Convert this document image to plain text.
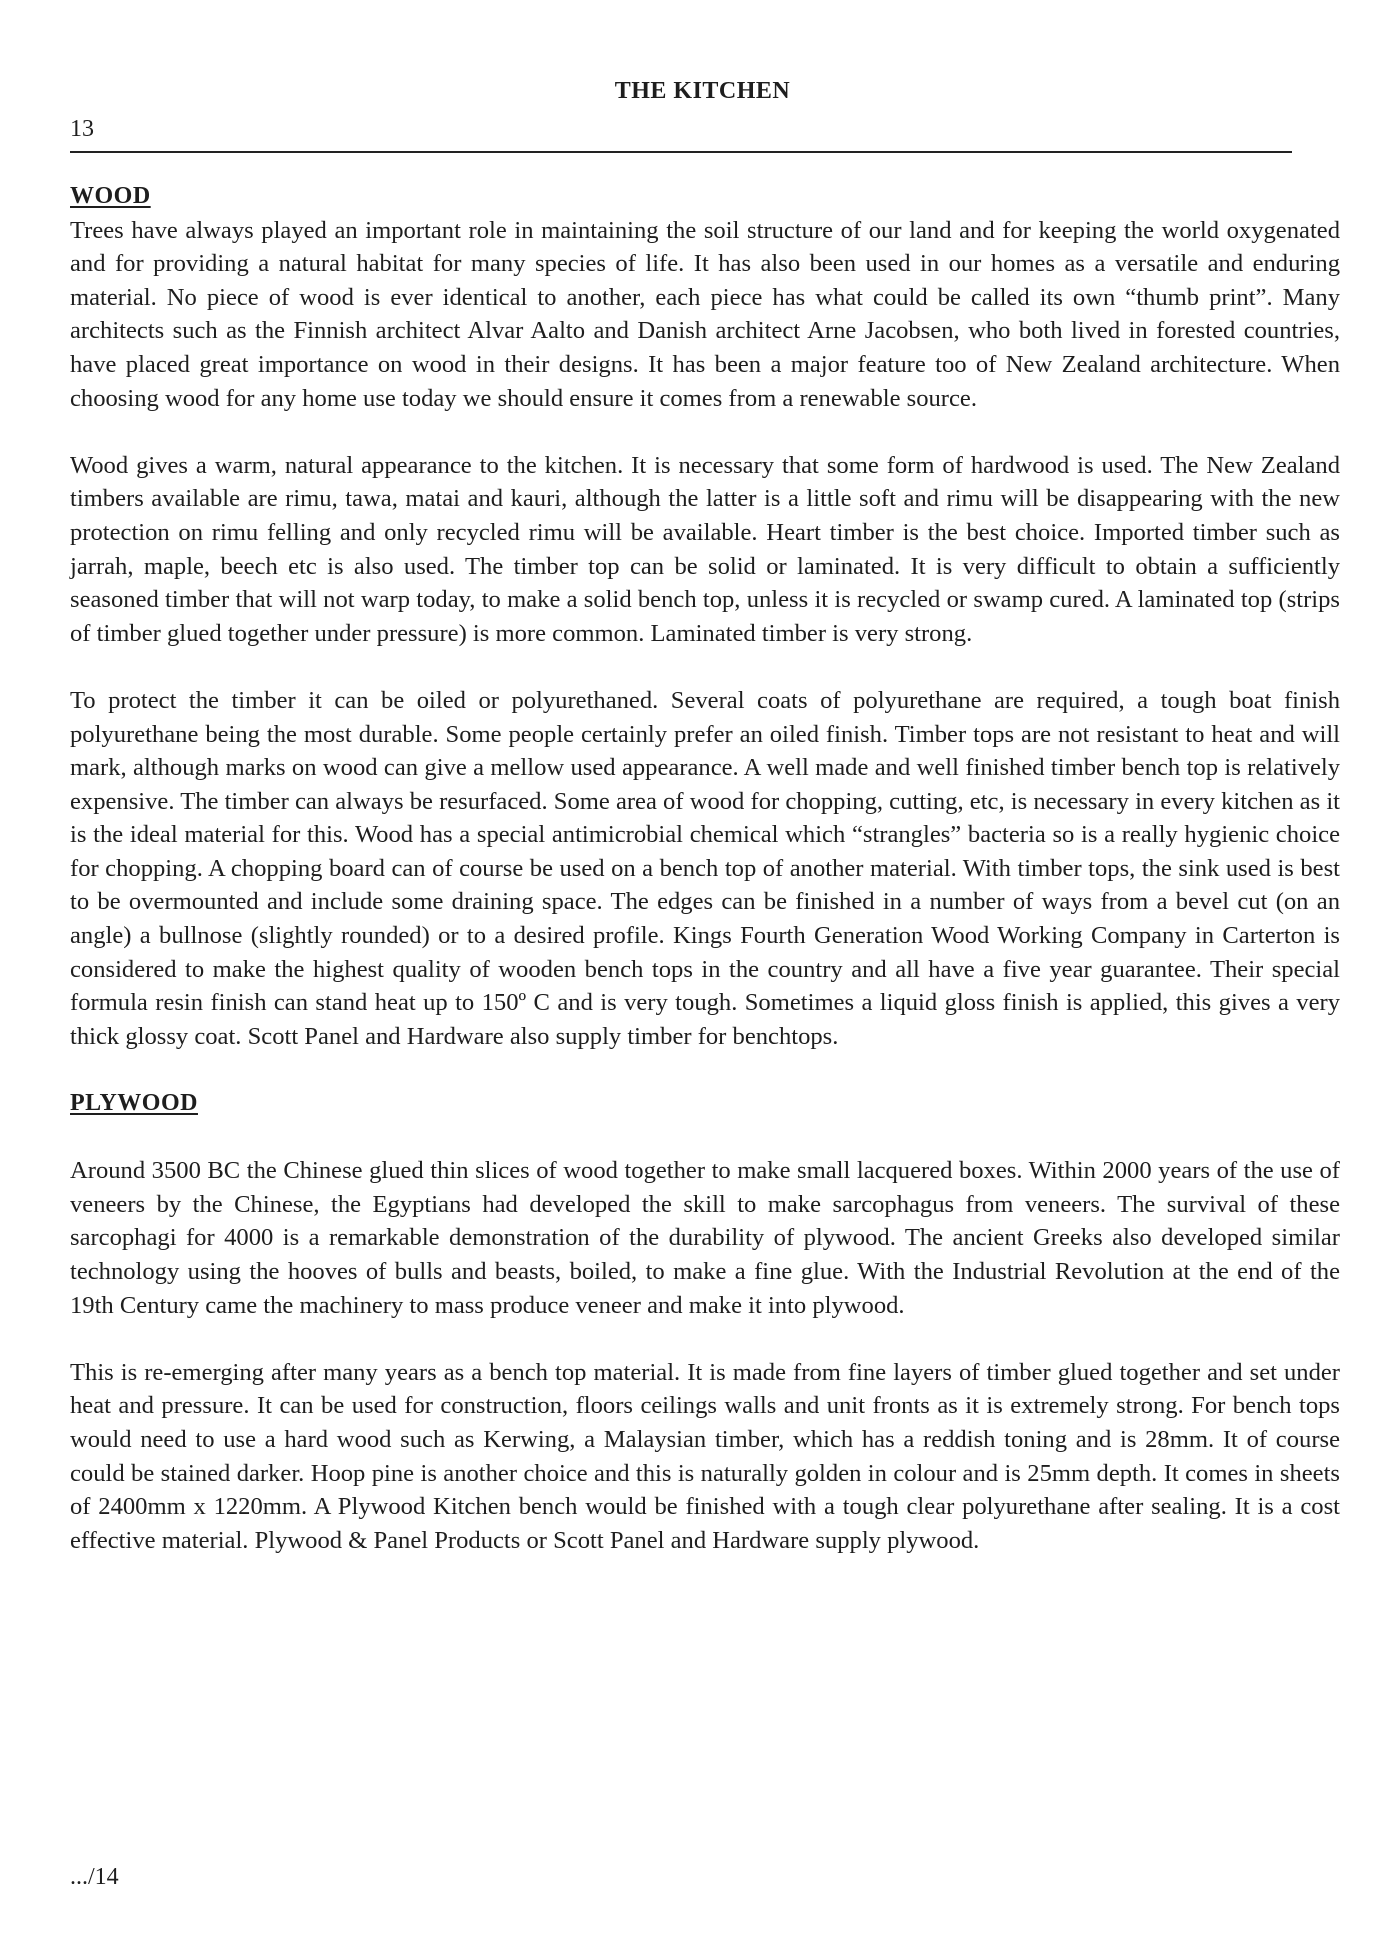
THE KITCHEN
13
WOOD

Trees have always played an important role in maintaining the soil structure of our land and for keeping the world oxygenated and for providing a natural habitat for many species of life. It has also been used in our homes as a versatile and enduring material. No piece of wood is ever identical to another, each piece has what could be called its own “thumb print”. Many architects such as the Finnish architect Alvar Aalto and Danish architect Arne Jacobsen, who both lived in forested countries, have placed great importance on wood in their designs. It has been a major feature too of New Zealand architecture. When choosing wood for any home use today we should ensure it comes from a renewable source.

Wood gives a warm, natural appearance to the kitchen. It is necessary that some form of hardwood is used. The New Zealand timbers available are rimu, tawa, matai and kauri, although the latter is a little soft and rimu will be disappearing with the new protection on rimu felling and only recycled rimu will be available. Heart timber is the best choice. Imported timber such as jarrah, maple, beech etc is also used. The timber top can be solid or laminated. It is very difficult to obtain a sufficiently seasoned timber that will not warp today, to make a solid bench top, unless it is recycled or swamp cured. A laminated top (strips of timber glued together under pressure) is more common. Laminated timber is very strong.

To protect the timber it can be oiled or polyurethaned. Several coats of polyurethane are required, a tough boat finish polyurethane being the most durable. Some people certainly prefer an oiled finish. Timber tops are not resistant to heat and will mark, although marks on wood can give a mellow used appearance. A well made and well finished timber bench top is relatively expensive. The timber can always be resurfaced. Some area of wood for chopping, cutting, etc, is necessary in every kitchen as it is the ideal material for this. Wood has a special antimicrobial chemical which “strangles” bacteria so is a really hygienic choice for chopping. A chopping board can of course be used on a bench top of another material. With timber tops, the sink used is best to be overmounted and include some draining space. The edges can be finished in a number of ways from a bevel cut (on an angle) a bullnose (slightly rounded) or to a desired profile. Kings Fourth Generation Wood Working Company in Carterton is considered to make the highest quality of wooden bench tops in the country and all have a five year guarantee. Their special formula resin finish can stand heat up to 150º C and is very tough. Sometimes a liquid gloss finish is applied, this gives a very thick glossy coat. Scott Panel and Hardware also supply timber for benchtops.

PLYWOOD

Around 3500 BC the Chinese glued thin slices of wood together to make small lacquered boxes. Within 2000 years of the use of veneers by the Chinese, the Egyptians had developed the skill to make sarcophagus from veneers. The survival of these sarcophagi for 4000 is a remarkable demonstration of the durability of plywood. The ancient Greeks also developed similar technology using the hooves of bulls and beasts, boiled, to make a fine glue. With the Industrial Revolution at the end of the 19th Century came the machinery to mass produce veneer and make it into plywood.

This is re-emerging after many years as a bench top material. It is made from fine layers of timber glued together and set under heat and pressure. It can be used for construction, floors ceilings walls and unit fronts as it is extremely strong. For bench tops would need to use a hard wood such as Kerwing, a Malaysian timber, which has a reddish toning and is 28mm. It of course could be stained darker. Hoop pine is another choice and this is naturally golden in colour and is 25mm depth. It comes in sheets of 2400mm x 1220mm. A Plywood Kitchen bench would be finished with a tough clear polyurethane after sealing. It is a cost effective material. Plywood & Panel Products or Scott Panel and Hardware supply plywood.

.../14
